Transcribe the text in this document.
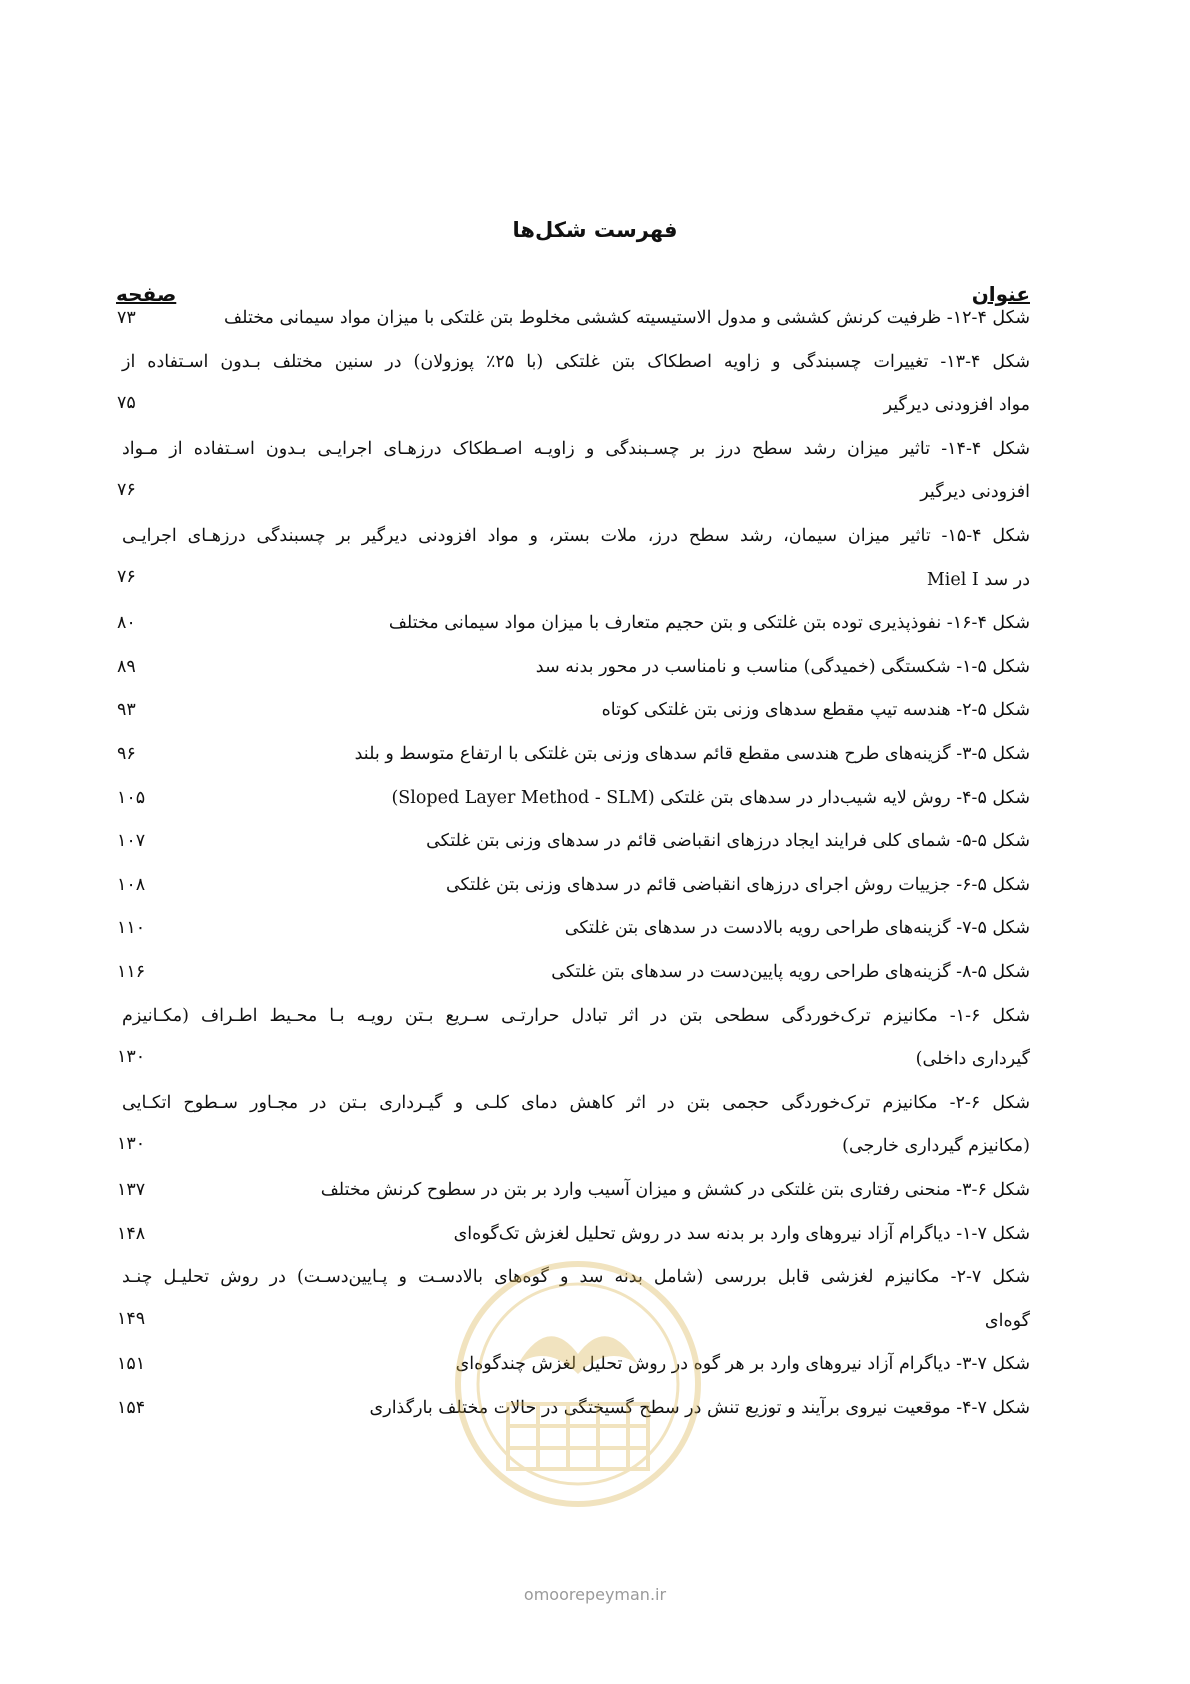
فهرست شکل‌ها
عنوان
صفحه
شکل ۴-۱۲- ظرفیت کرنش کششی و مدول الاستیسیته کششی مخلوط بتن غلتکی با میزان مواد سیمانی مختلف
۷۳
شکل ۴-۱۳- تغییرات چسبندگی و زاویه اصطکاک بتن غلتکی (با ۲۵٪ پوزولان) در سنین مختلف بـدون اسـتفاده از
مواد افزودنی دیرگیر
۷۵
شکل ۴-۱۴- تاثیر میزان رشد سطح درز بر چسـبندگی و زاویـه اصـطکاک درزهـای اجرایـی بـدون اسـتفاده از مـواد
افزودنی دیرگیر
۷۶
شکل ۴-۱۵- تاثیر میزان سیمان، رشد سطح درز، ملات بستر، و مواد افزودنی دیرگیر بر چسبندگی درزهـای اجرایـی
در سد Miel I
۷۶
شکل ۴-۱۶- نفوذپذیری توده بتن غلتکی و بتن حجیم متعارف با میزان مواد سیمانی مختلف
۸۰
شکل ۵-۱- شکستگی (خمیدگی) مناسب و نامناسب در محور بدنه سد
۸۹
شکل ۵-۲- هندسه تیپ مقطع سدهای وزنی بتن غلتکی کوتاه
۹۳
شکل ۵-۳- گزینه‌های طرح هندسی مقطع قائم سدهای وزنی بتن غلتکی با ارتفاع متوسط و بلند
۹۶
شکل ۵-۴- روش لایه شیب‌دار در سدهای بتن غلتکی (Sloped Layer Method - SLM)
۱۰۵
شکل ۵-۵- شمای کلی فرایند ایجاد درزهای انقباضی قائم در سدهای وزنی بتن غلتکی
۱۰۷
شکل ۵-۶- جزییات روش اجرای درزهای انقباضی قائم در سدهای وزنی بتن غلتکی
۱۰۸
شکل ۵-۷- گزینه‌های طراحی رویه بالادست در سدهای بتن غلتکی
۱۱۰
شکل ۵-۸- گزینه‌های طراحی رویه پایین‌دست در سدهای بتن غلتکی
۱۱۶
شکل ۶-۱- مکانیزم ترک‌خوردگی سطحی بتن در اثر تبادل حرارتـی سـریع بـتن رویـه بـا محـیط اطـراف (مکـانیزم
گیرداری داخلی)
۱۳۰
شکل ۶-۲- مکانیزم ترک‌خوردگی حجمی بتن در اثر کاهش دمای کلـی و گیـرداری بـتن در مجـاور سـطوح اتکـایی
(مکانیزم گیرداری خارجی)
۱۳۰
شکل ۶-۳- منحنی رفتاری بتن غلتکی در کشش و میزان آسیب وارد بر بتن در سطوح کرنش مختلف
۱۳۷
شکل ۷-۱- دیاگرام آزاد نیروهای وارد بر بدنه سد در روش تحلیل لغزش تک‌گوه‌ای
۱۴۸
شکل ۷-۲- مکانیزم لغزشی قابل بررسی (شامل بدنه سد و گوه‌های بالادسـت و پـایین‌دسـت) در روش تحلیـل چنـد
گوه‌ای
۱۴۹
شکل ۷-۳- دیاگرام آزاد نیروهای وارد بر هر گوه در روش تحلیل لغزش چندگوه‌ای
۱۵۱
شکل ۷-۴- موقعیت نیروی برآیند و توزیع تنش در سطح گسیختگی در حالات مختلف بارگذاری
۱۵۴
omoorepeyman.ir
